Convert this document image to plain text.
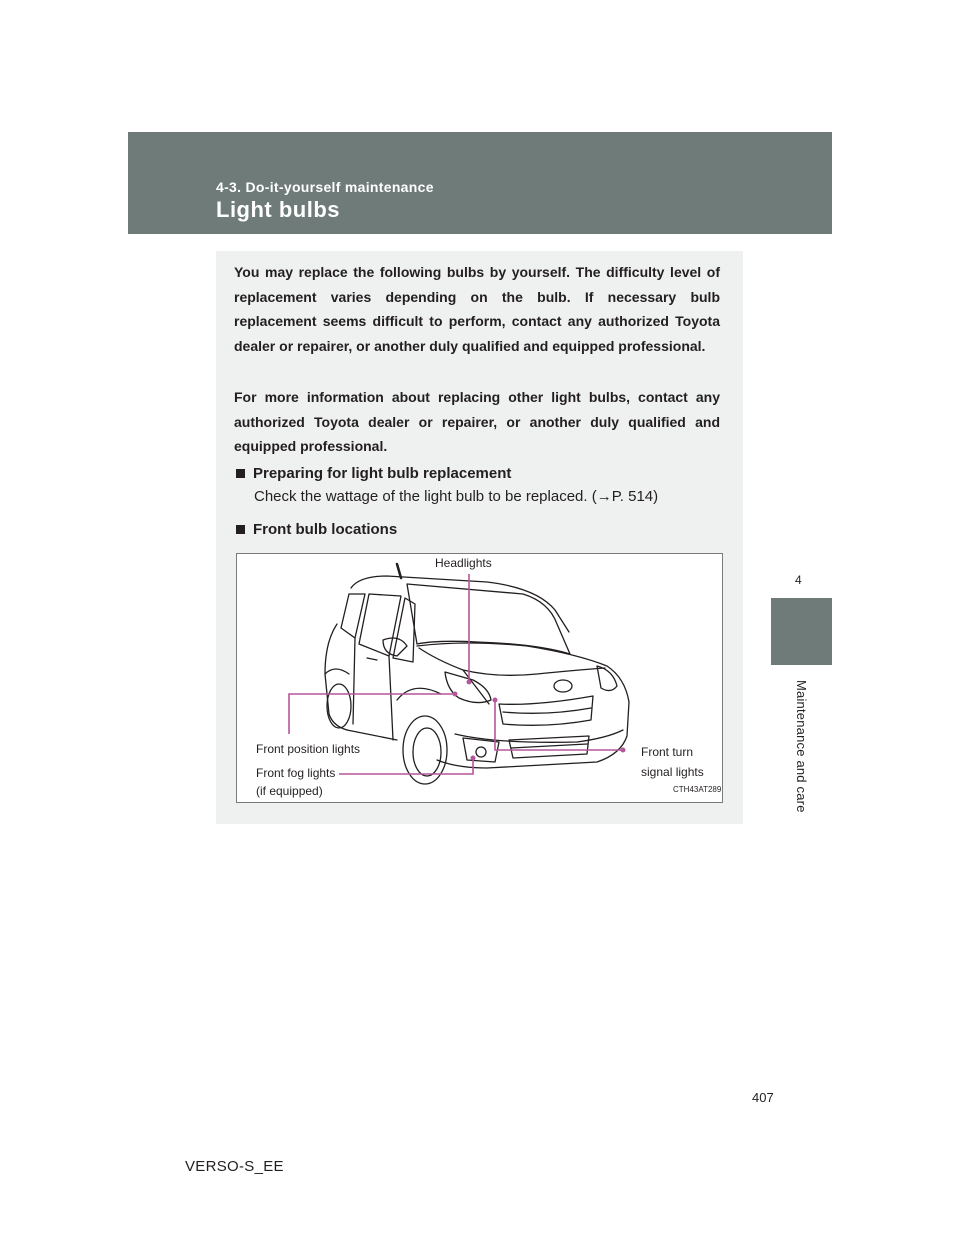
4-3. Do-it-yourself maintenance
Light bulbs
4
Maintenance and care

You may replace the following bulbs by yourself. The difficulty level of replacement varies depending on the bulb. If necessary bulb replacement seems difficult to perform, contact any authorized Toyota dealer or repairer, or another duly qualified and equipped professional.

For more information about replacing other light bulbs, contact any authorized Toyota dealer or repairer, or another duly qualified and equipped professional.

Preparing for light bulb replacement
Check the wattage of the light bulb to be replaced. (→P. 514)
Front bulb locations
Headlights
Front position lights
Front fog lights
(if equipped)
Front turn
signal lights
CTH43AT289
407
VERSO-S_EE
